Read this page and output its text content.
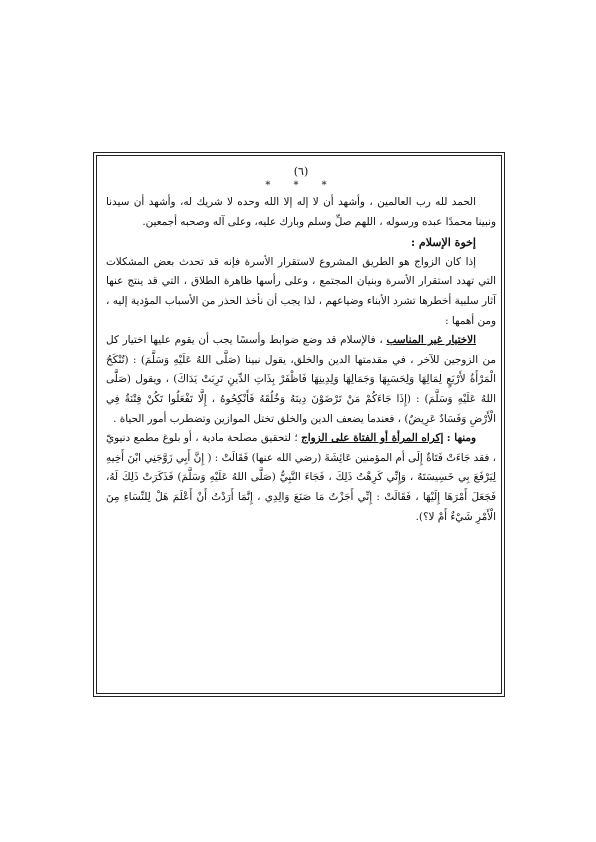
(٦)
* * *

الحمد لله رب العالمين ، وأشهد أن لا إله إلا الله وحده لا شريك له، وأشهد أن سيدنا ونبينا محمدًا عبده ورسوله ، اللهم صلِّ وسلم وبارك عليه، وعلى آله وصحبه أجمعين.

إخوة الإسلام :

إذا كان الزواج هو الطريق المشروع لاستقرار الأسرة فإنه قد تحدث بعض المشكلات التي تهدد استقرار الأسرة وبنيان المجتمع ، وعلى رأسها ظاهرة الطلاق ، التي قد ينتج عنها آثار سلبية أخطرها تشرد الأبناء وضياعهم ، لذا يجب أن نأخذ الحذر من الأسباب المؤدية إليه ، ومن أهمها :

الاختيار غير المناسب ، فالإسلام قد وضع ضوابط وأسسًا يجب أن يقوم عليها اختيار كل من الزوجين للآخر ، في مقدمتها الدين والخلق، يقول نبينا (صَلَّى اللهُ عَلَيْهِ وَسَلَّمَ) : (تُنْكَحُ الْمَرْأَةُ لأَرْبَعٍ لِمَالِهَا وَلِحَسَبِهَا وَجَمَالِهَا وَلِدِينِهَا فَاظْفَرْ بِذَاتِ الدِّينِ تَرِبَتْ يَدَاكَ) ، ويقول (صَلَّى اللهُ عَلَيْهِ وَسَلَّمَ) : (إِذَا جَاءَكُمْ مَنْ تَرْضَوْنَ دِينَهُ وَخُلُقَهُ فَأَنْكِحُوهُ ، إِلَّا تَفْعَلُوا تَكُنْ فِتْنَةٌ فِي الْأَرْضِ وَفَسَادٌ عَرِيضٌ) ، فعندما يضعف الدين والخلق تختل الموازين وتضطرب أمور الحياة .

ومنها : إكراه المرأة أو الفتاة على الزواج ؛ لتحقيق مصلحة مادية ، أو بلوغ مطمع دنيويّ ، فقد جَاءَتْ فَتَاةٌ إِلَى أم المؤمنين عَائِشَةَ (رضي الله عنها) فَقَالَتْ : ( إِنَّ أَبِي زَوَّجَنِي ابْنَ أَخِيهِ لِيَرْفَعَ بِي خَسِيسَتَهُ ، وَإِنِّي كَرِهْتُ ذَلِكَ ، فَجَاءَ النَّبِيُّ (صَلَّى اللهُ عَلَيْهِ وَسَلَّمَ) فَذَكَرَتْ ذَلِكَ لَهُ، فَجَعَلَ أَمْرَهَا إِلَيْهَا ، فَقَالَتْ : إِنِّي أَجَزْتُ مَا صَنَعَ وَالِدِي ، إِنَّمَا أَرَدْتُ أَنْ أَعْلَمَ هَلْ لِلنِّسَاءِ مِنَ الْأَمْرِ شَيْءٌ أَمْ لا؟).
